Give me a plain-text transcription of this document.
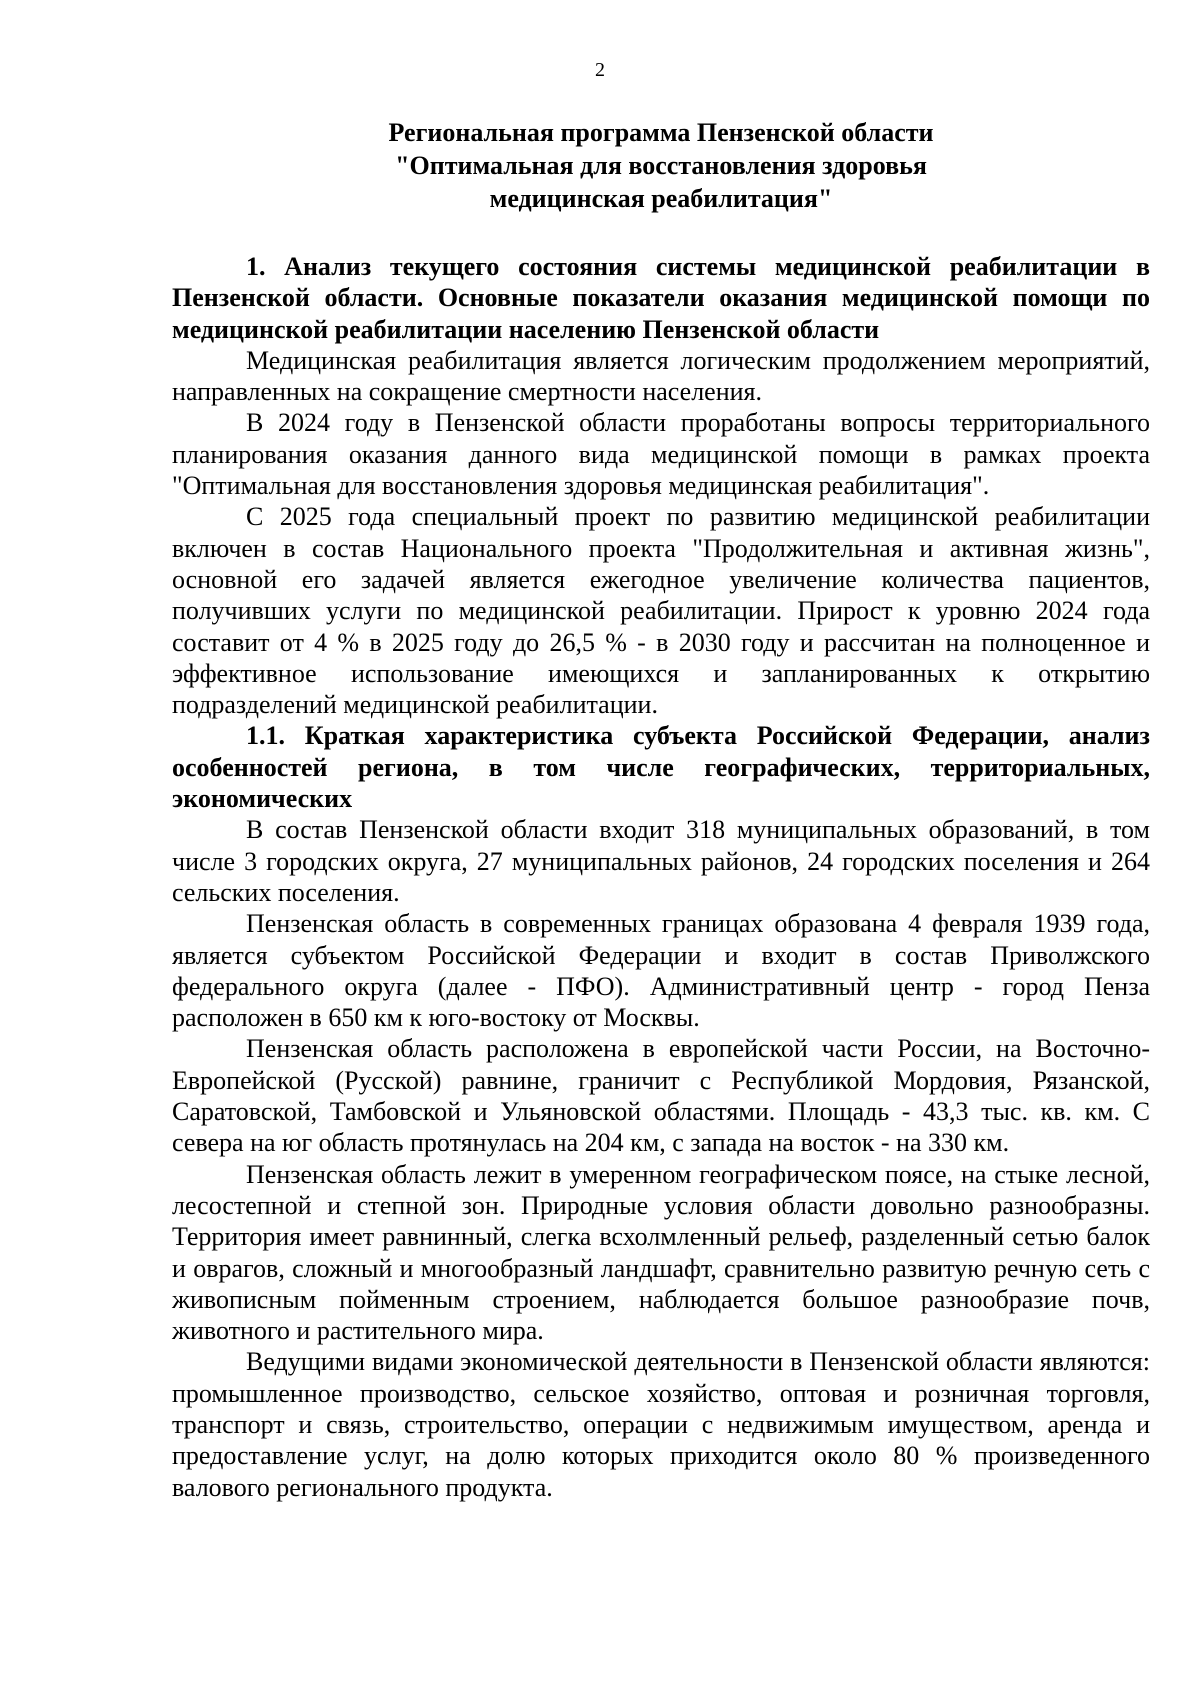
2
Региональная программа Пензенской области
"Оптимальная для восстановления здоровья
медицинская реабилитация"

1. Анализ текущего состояния системы медицинской реабилитации в Пензенской области. Основные показатели оказания медицинской помощи по медицинской реабилитации населению Пензенской области

Медицинская реабилитация является логическим продолжением мероприятий, направленных на сокращение смертности населения.

В 2024 году в Пензенской области проработаны вопросы территориального планирования оказания данного вида медицинской помощи в рамках проекта "Оптимальная для восстановления здоровья медицинская реабилитация".

С 2025 года специальный проект по развитию медицинской реабилитации включен в состав Национального проекта "Продолжительная и активная жизнь", основной его задачей является ежегодное увеличение количества пациентов, получивших услуги по медицинской реабилитации. Прирост к уровню 2024 года составит от 4 % в 2025 году до 26,5 % - в 2030 году и рассчитан на полноценное и эффективное использование имеющихся и запланированных к открытию подразделений медицинской реабилитации.

1.1. Краткая характеристика субъекта Российской Федерации, анализ особенностей региона, в том числе географических, территориальных, экономических

В состав Пензенской области входит 318 муниципальных образований, в том числе 3 городских округа, 27 муниципальных районов, 24 городских поселения и 264 сельских поселения.

Пензенская область в современных границах образована 4 февраля 1939 года, является субъектом Российской Федерации и входит в состав Приволжского федерального округа (далее - ПФО). Административный центр - город Пенза расположен в 650 км к юго-востоку от Москвы.

Пензенская область расположена в европейской части России, на Восточно-Европейской (Русской) равнине, граничит с Республикой Мордовия, Рязанской, Саратовской, Тамбовской и Ульяновской областями. Площадь - 43,3 тыс. кв. км. С севера на юг область протянулась на 204 км, с запада на восток - на 330 км.

Пензенская область лежит в умеренном географическом поясе, на стыке лесной, лесостепной и степной зон. Природные условия области довольно разнообразны. Территория имеет равнинный, слегка всхолмленный рельеф, разделенный сетью балок и оврагов, сложный и многообразный ландшафт, сравнительно развитую речную сеть с живописным пойменным строением, наблюдается большое разнообразие почв, животного и растительного мира.

Ведущими видами экономической деятельности в Пензенской области являются: промышленное производство, сельское хозяйство, оптовая и розничная торговля, транспорт и связь, строительство, операции с недвижимым имуществом, аренда и предоставление услуг, на долю которых приходится около 80 % произведенного валового регионального продукта.
